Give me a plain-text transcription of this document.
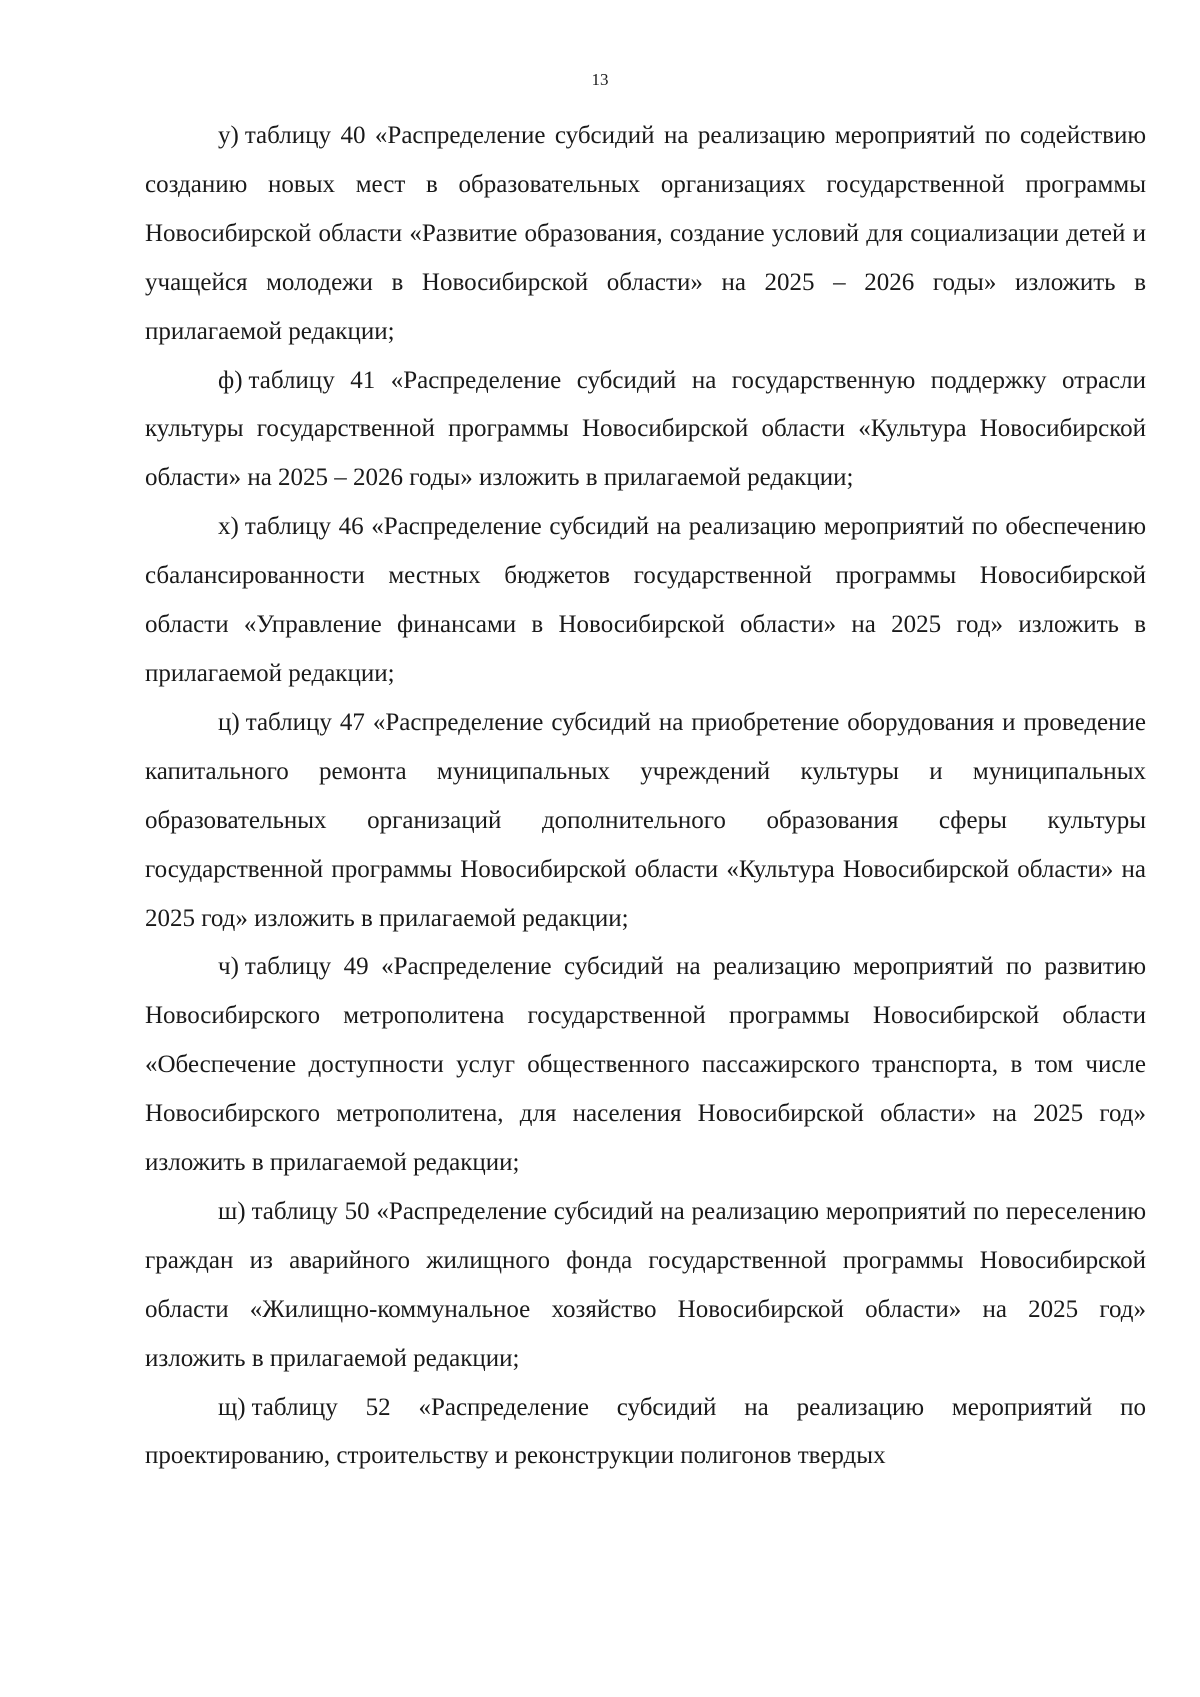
13

у) таблицу 40 «Распределение субсидий на реализацию мероприятий по содействию созданию новых мест в образовательных организациях государственной программы Новосибирской области «Развитие образования, создание условий для социализации детей и учащейся молодежи в Новосибирской области» на 2025 – 2026 годы» изложить в прилагаемой редакции;

ф) таблицу 41 «Распределение субсидий на государственную поддержку отрасли культуры государственной программы Новосибирской области «Культура Новосибирской области» на 2025 – 2026 годы» изложить в прилагаемой редакции;

х) таблицу 46 «Распределение субсидий на реализацию мероприятий по обеспечению сбалансированности местных бюджетов государственной программы Новосибирской области «Управление финансами в Новосибирской области» на 2025 год» изложить в прилагаемой редакции;

ц) таблицу 47 «Распределение субсидий на приобретение оборудования и проведение капитального ремонта муниципальных учреждений культуры и муниципальных образовательных организаций дополнительного образования сферы культуры государственной программы Новосибирской области «Культура Новосибирской области» на 2025 год» изложить в прилагаемой редакции;

ч) таблицу 49 «Распределение субсидий на реализацию мероприятий по развитию Новосибирского метрополитена государственной программы Новосибирской области «Обеспечение доступности услуг общественного пассажирского транспорта, в том числе Новосибирского метрополитена, для населения Новосибирской области» на 2025 год» изложить в прилагаемой редакции;

ш) таблицу 50 «Распределение субсидий на реализацию мероприятий по переселению граждан из аварийного жилищного фонда государственной программы Новосибирской области «Жилищно-коммунальное хозяйство Новосибирской области» на 2025 год» изложить в прилагаемой редакции;

щ) таблицу 52 «Распределение субсидий на реализацию мероприятий по проектированию, строительству и реконструкции полигонов твердых
